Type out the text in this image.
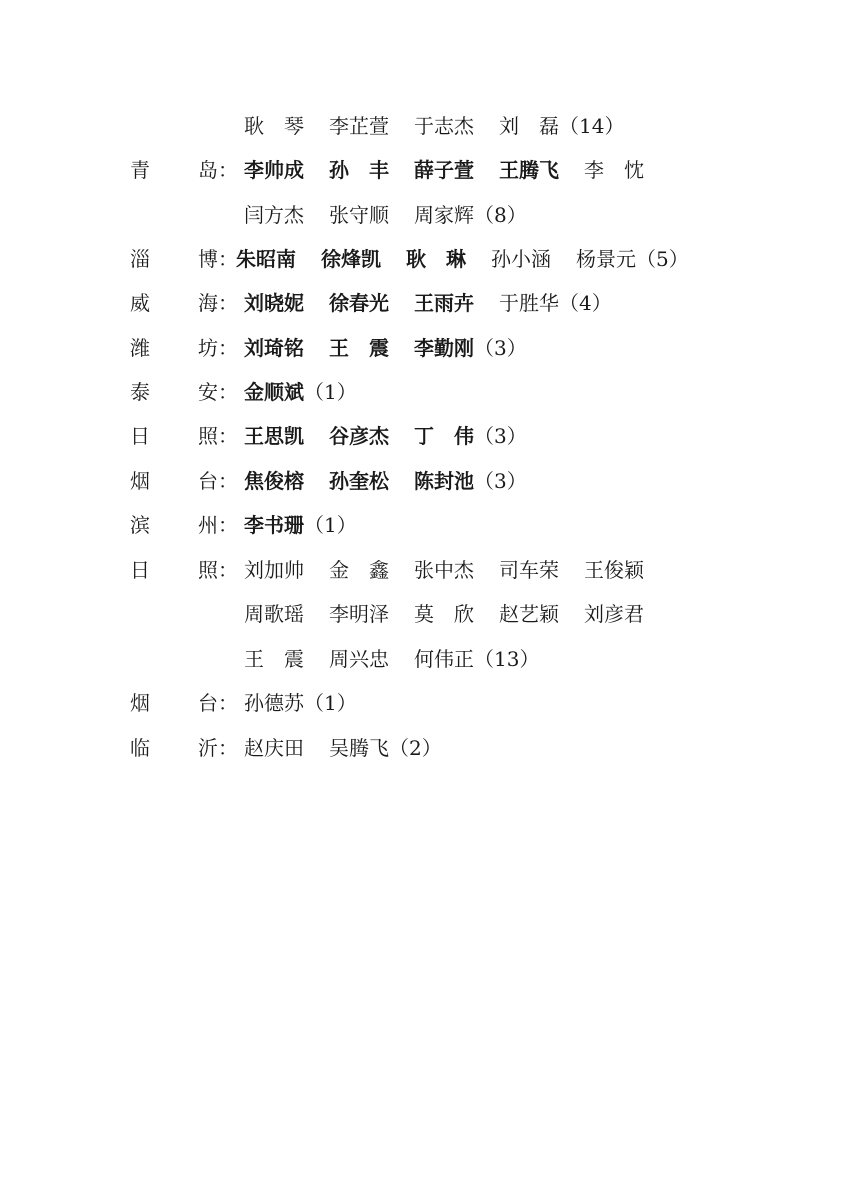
耿　琴 李芷萱 于志杰 刘　磊（14）
青 岛： 李帅成 孙　丰 薛子萱 王腾飞 李　忱
闫方杰 张守顺 周家辉（8）
淄 博：
朱昭南 徐烽凯 耿　琳 孙小涵 杨景元（5）
威 海： 刘晓妮 徐春光 王雨卉 于胜华（4）
潍 坊： 刘琦铭 王　震 李勤刚（3）
泰 安： 金顺斌（1）
日 照： 王思凯 谷彦杰 丁　伟（3）
烟 台： 焦俊榕 孙奎松 陈封池（3）
滨 州： 李书珊（1）
日 照： 刘加帅 金　鑫 张中杰 司车荣 王俊颖
周歌瑶 李明泽 莫　欣 赵艺颖 刘彦君
王　震 周兴忠 何伟正（13）
烟 台： 孙德苏（1）
临 沂： 赵庆田 吴腾飞（2）
